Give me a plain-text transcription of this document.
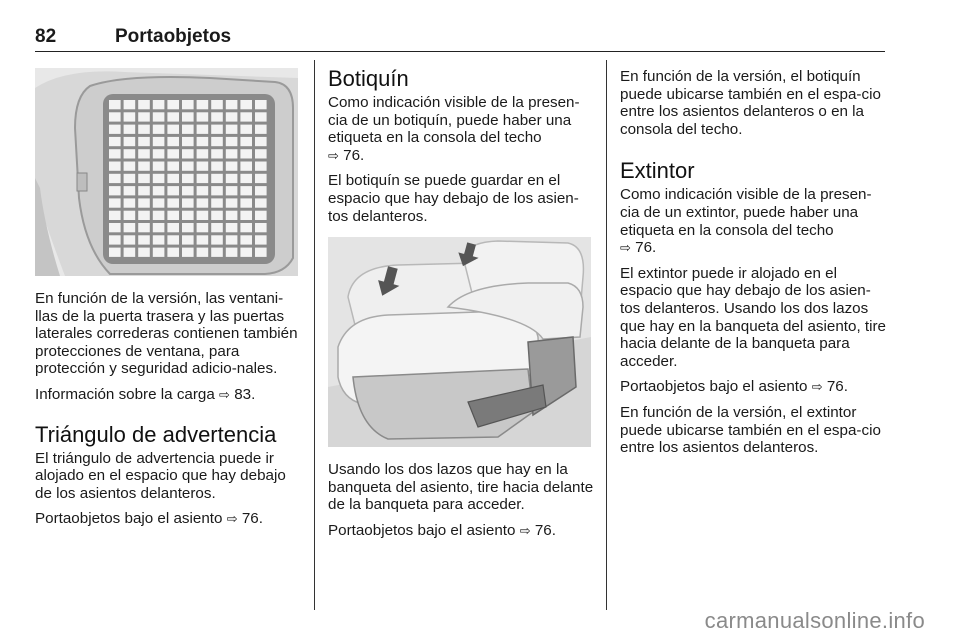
82	Portaobjetos

En función de la versión, las ventani-llas de la puerta trasera y las puertas laterales correderas contienen también protecciones de ventana, para protección y seguridad adicio-nales.

Información sobre la carga ⇨ 83.

Triángulo de advertencia

El triángulo de advertencia puede ir alojado en el espacio que hay debajo de los asientos delanteros.

Portaobjetos bajo el asiento ⇨ 76.

Botiquín

Como indicación visible de la presen-cia de un botiquín, puede haber una etiqueta en la consola del techo
⇨ 76.

El botiquín se puede guardar en el espacio que hay debajo de los asien-tos delanteros.

Usando los dos lazos que hay en la banqueta del asiento, tire hacia delante de la banqueta para acceder.

Portaobjetos bajo el asiento ⇨ 76.

En función de la versión, el botiquín puede ubicarse también en el espa-cio entre los asientos delanteros o en la consola del techo.

Extintor

Como indicación visible de la presen-cia de un extintor, puede haber una etiqueta en la consola del techo
⇨ 76.

El extintor puede ir alojado en el espacio que hay debajo de los asien-tos delanteros. Usando los dos lazos que hay en la banqueta del asiento, tire hacia delante de la banqueta para acceder.

Portaobjetos bajo el asiento ⇨ 76.

En función de la versión, el extintor puede ubicarse también en el espa-cio entre los asientos delanteros.

carmanualsonline.info
